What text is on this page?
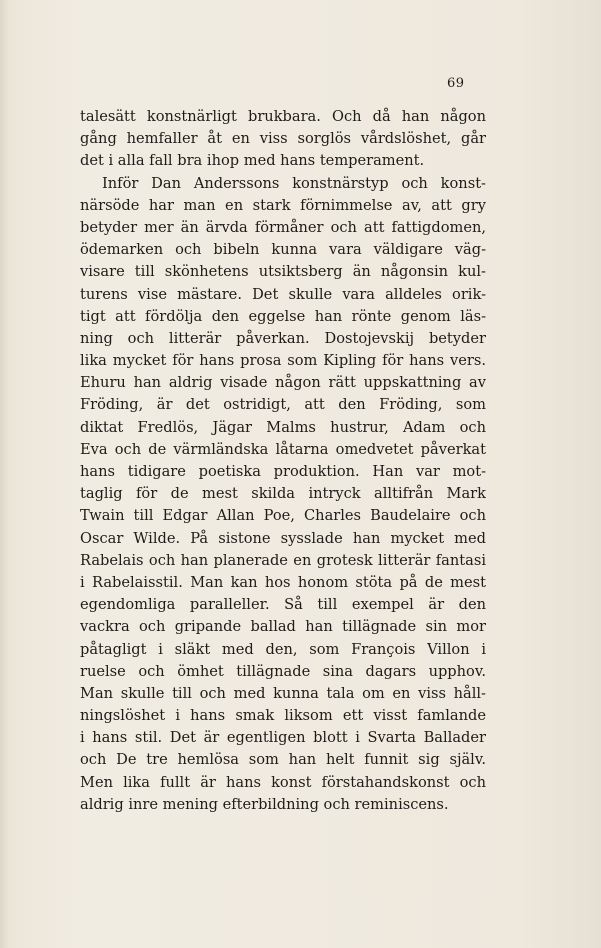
69
talesätt konstnärligt brukbara. Och då han någon
gång hemfaller åt en viss sorglös vårdslöshet, går
det i alla fall bra ihop med hans temperament.
Inför Dan Anderssons konstnärstyp och konst-
närsöde har man en stark förnimmelse av, att gry
betyder mer än ärvda förmåner och att fattigdomen,
ödemarken och bibeln kunna vara väldigare väg-
visare till skönhetens utsiktsberg än någonsin kul-
turens vise mästare. Det skulle vara alldeles orik-
tigt att fördölja den eggelse han rönte genom läs-
ning och litterär påverkan. Dostojevskij betyder
lika mycket för hans prosa som Kipling för hans vers.
Ehuru han aldrig visade någon rätt uppskattning av
Fröding, är det ostridigt, att den Fröding, som
diktat Fredlös, Jägar Malms hustrur, Adam och
Eva och de värmländska låtarna omedvetet påverkat
hans tidigare poetiska produktion. Han var mot-
taglig för de mest skilda intryck alltifrån Mark
Twain till Edgar Allan Poe, Charles Baudelaire och
Oscar Wilde. På sistone sysslade han mycket med
Rabelais och han planerade en grotesk litterär fantasi
i Rabelaisstil. Man kan hos honom stöta på de mest
egendomliga paralleller. Så till exempel är den
vackra och gripande ballad han tillägnade sin mor
påtagligt i släkt med den, som François Villon i
ruelse och ömhet tillägnade sina dagars upphov.
Man skulle till och med kunna tala om en viss håll-
ningslöshet i hans smak liksom ett visst famlande
i hans stil. Det är egentligen blott i Svarta Ballader
och De tre hemlösa som han helt funnit sig själv.
Men lika fullt är hans konst förstahandskonst och
aldrig inre mening efterbildning och reminiscens.
